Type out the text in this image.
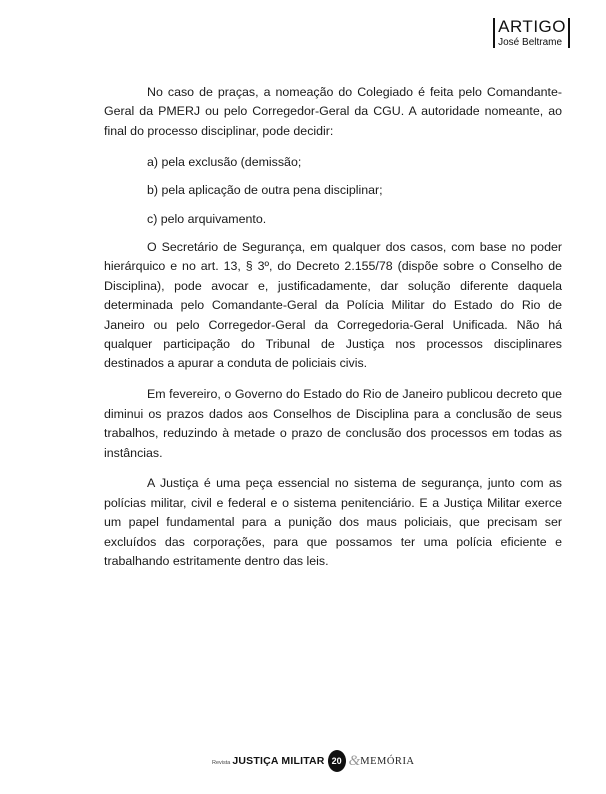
ARTIGO
José Beltrame

No caso de praças, a nomeação do Colegiado é feita pelo Comandante-Geral da PMERJ ou pelo Corregedor-Geral da CGU. A autoridade nomeante, ao final do processo disciplinar, pode decidir:

a) pela exclusão (demissão;

b) pela aplicação de outra pena disciplinar;

c) pelo arquivamento.

O Secretário de Segurança, em qualquer dos casos, com base no poder hierárquico e no art. 13, § 3º, do Decreto 2.155/78 (dispõe sobre o Conselho de Disciplina), pode avocar e, justificadamente, dar solução diferente daquela determinada pelo Comandante-Geral da Polícia Militar do Estado do Rio de Janeiro ou pelo Corregedor-Geral da Corregedoria-Geral Unificada. Não há qualquer participação do Tribunal de Justiça nos processos disciplinares destinados a apurar a conduta de policiais civis.

Em fevereiro, o Governo do Estado do Rio de Janeiro publicou decreto que diminui os prazos dados aos Conselhos de Disciplina para a conclusão de seus trabalhos, reduzindo à metade o prazo de conclusão dos processos em todas as instâncias.

A Justiça é uma peça essencial no sistema de segurança, junto com as polícias militar, civil e federal e o sistema penitenciário. E a Justiça Militar exerce um papel fundamental para a punição dos maus policiais, que precisam ser excluídos das corporações, para que possamos ter uma polícia eficiente e trabalhando estritamente dentro das leis.

Revista JUSTIÇA MILITAR 20 & MEMÓRIA
